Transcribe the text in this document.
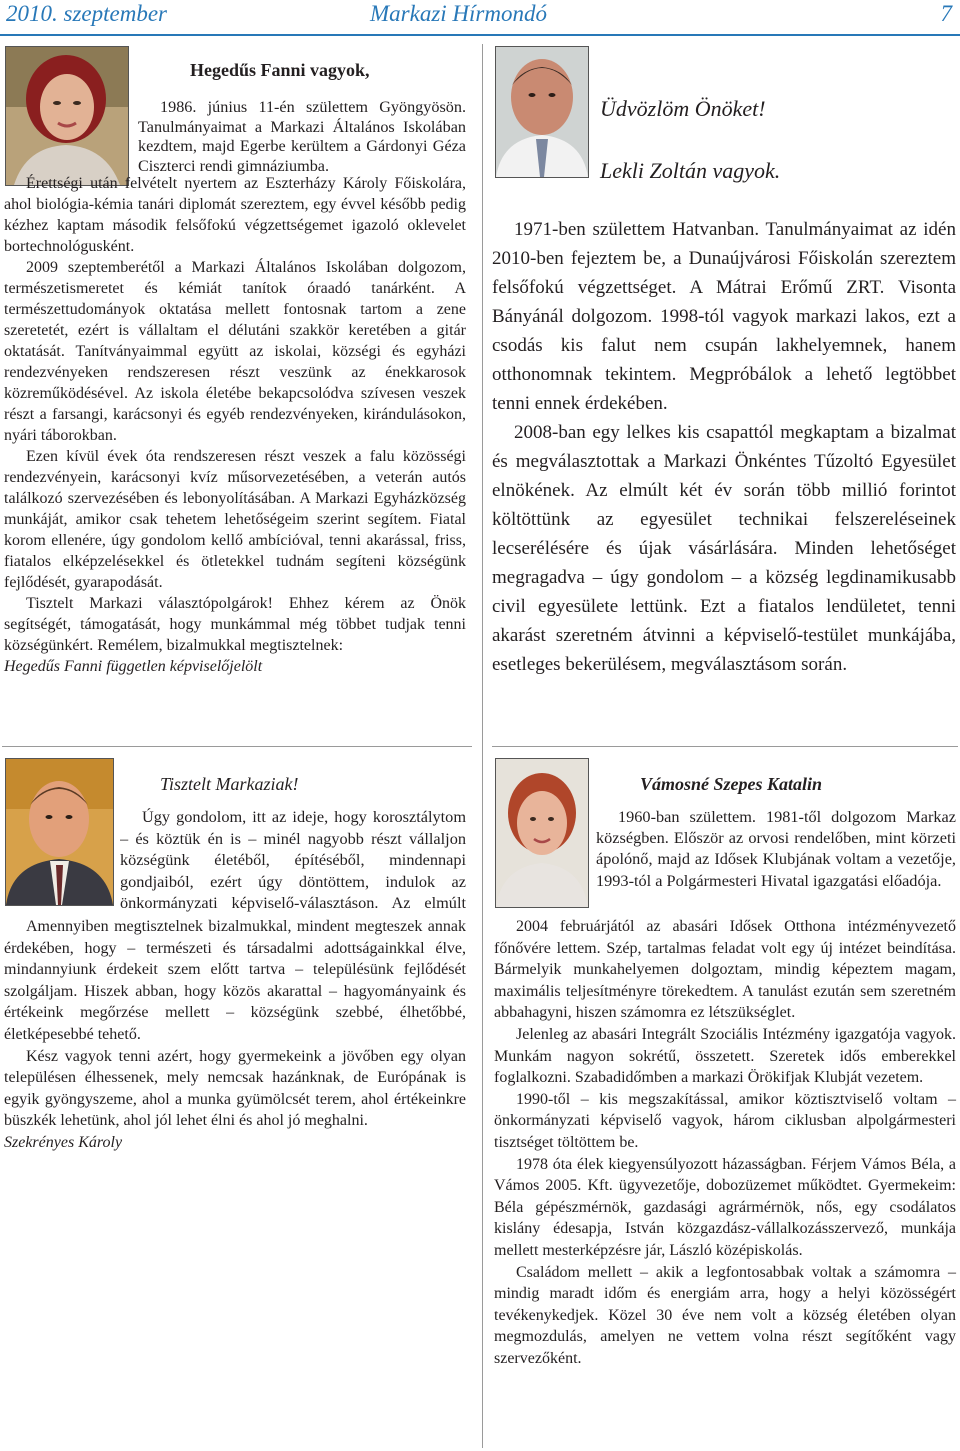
2010. szeptember	Markazi Hírmondó	7

Hegedűs Fanni vagyok,

1986. június 11-én születtem Gyöngyösön. Tanulmányaimat a Markazi Általános Iskolában kezdtem, majd Egerbe kerültem a Gárdonyi Géza Ciszterci rendi gimnáziumba.

Érettségi után felvételt nyertem az Eszterházy Károly Főiskolára, ahol biológia-kémia tanári diplomát szereztem, egy évvel később pedig kézhez kaptam második felsőfokú végzettségemet igazoló oklevelet bortechnológusként.

2009 szeptemberétől a Markazi Általános Iskolában dolgozom, természetismeretet és kémiát tanítok óraadó tanárként. A természettudományok oktatása mellett fontosnak tartom a zene szeretetét, ezért is vállaltam el délutáni szakkör keretében a gitár oktatását. Tanítványaimmal együtt az iskolai, községi és egyházi rendezvényeken rendszeresen részt veszünk az énekkarosok közreműködésével. Az iskola életébe bekapcsolódva szívesen veszek részt a farsangi, karácsonyi és egyéb rendezvényeken, kirándulásokon, nyári táborokban.

Ezen kívül évek óta rendszeresen részt veszek a falu közösségi rendezvényein, karácsonyi kvíz műsorvezetésében, a veterán autós találkozó szervezésében és lebonyolításában. A Markazi Egyházközség munkáját, amikor csak tehetem lehetőségeim szerint segítem. Fiatal korom ellenére, úgy gondolom kellő ambícióval, tenni akarással, friss, fiatalos elképzelésekkel és ötletekkel tudnám segíteni községünk fejlődését, gyarapodását.

Tisztelt Markazi választópolgárok! Ehhez kérem az Önök segítségét, támogatását, hogy munkámmal még többet tudjak tenni községünkért. Remélem, bizalmukkal megtisztelnek:

Hegedűs Fanni független képviselőjelölt

Üdvözlöm Önöket!

Lekli Zoltán vagyok.

1971-ben születtem Hatvanban. Tanulmányaimat az idén 2010-ben fejeztem be, a Dunaújvárosi Főiskolán szereztem felsőfokú végzettséget. A Mátrai Erőmű ZRT. Visonta Bányánál dolgozom. 1998-tól vagyok markazi lakos, ezt a csodás kis falut nem csupán lakhelyemnek, hanem otthonomnak tekintem. Megpróbálok a lehető legtöbbet tenni ennek érdekében.

2008-ban egy lelkes kis csapattól megkaptam a bizalmat és megválasztottak a Markazi Önkéntes Tűzoltó Egyesület elnökének. Az elmúlt két év során több millió forintot költöttünk az egyesület technikai felszereléseinek lecserélésére és újak vásárlására. Minden lehetőséget megragadva – úgy gondolom – a község legdinamikusabb civil egyesülete lettünk. Ezt a fiatalos lendületet, tenni akarást szeretném átvinni a képviselő-testület munkájába, esetleges bekerülésem, megválasztásom során.

Tisztelt Markaziak!

Úgy gondolom, itt az ideje, hogy korosztálytom – és köztük én is – minél nagyobb részt vállaljon községünk életéből, építéséből, mindennapi gondjaiból, ezért úgy döntöttem, indulok az önkormányzati képviselő-választáson. Az elmúlt

Amennyiben megtisztelnek bizalmukkal, mindent megteszek annak érdekében, hogy – természeti és társadalmi adottságainkkal élve, mindannyiunk érdekeit szem előtt tartva – településünk fejlődését szolgáljam. Hiszek abban, hogy közös akarattal – hagyományaink és értékeink megőrzése mellett – községünk szebbé, élhetőbbé, életképesebbé tehető.

Kész vagyok tenni azért, hogy gyermekeink a jövőben egy olyan településen élhessenek, mely nemcsak hazánknak, de Európának is egyik gyöngyszeme, ahol a munka gyümölcsét terem, ahol értékeinkre büszkék lehetünk, ahol jól lehet élni és ahol jó meghalni.

Szekrényes Károly

Vámosné Szepes Katalin

1960-ban születtem. 1981-től dolgozom Markaz községben. Először az orvosi rendelőben, mint körzeti ápolónő, majd az Idősek Klubjának voltam a vezetője, 1993-tól a Polgármesteri Hivatal igazgatási előadója.

2004 februárjától az abasári Idősek Otthona intézményvezető főnővére lettem. Szép, tartalmas feladat volt egy új intézet beindítása. Bármelyik munkahelyemen dolgoztam, mindig képeztem magam, maximális teljesítményre törekedtem. A tanulást ezután sem szeretném abbahagyni, hiszen számomra ez létszükséglet.

Jelenleg az abasári Integrált Szociális Intézmény igazgatója vagyok. Munkám nagyon sokrétű, összetett. Szeretek idős emberekkel foglalkozni. Szabadidőmben a markazi Örökifjak Klubját vezetem.

1990-től – kis megszakítással, amikor köztisztviselő voltam – önkormányzati képviselő vagyok, három ciklusban alpolgármesteri tisztséget töltöttem be.

1978 óta élek kiegyensúlyozott házasságban. Férjem Vámos Béla, a Vámos 2005. Kft. ügyvezetője, dobozüzemet működtet. Gyermekeim: Béla gépészmérnök, gazdasági agrármérnök, nős, egy csodálatos kislány édesapja, István közgazdász-vállalkozásszervező, munkája mellett mesterképzésre jár, László középiskolás.

Családom mellett – akik a legfontosabbak voltak a számomra – mindig maradt időm és energiám arra, hogy a helyi közösségért tevékenykedjek. Közel 30 éve nem volt a község életében olyan megmozdulás, amelyen ne vettem volna részt segítőként vagy szervezőként.
